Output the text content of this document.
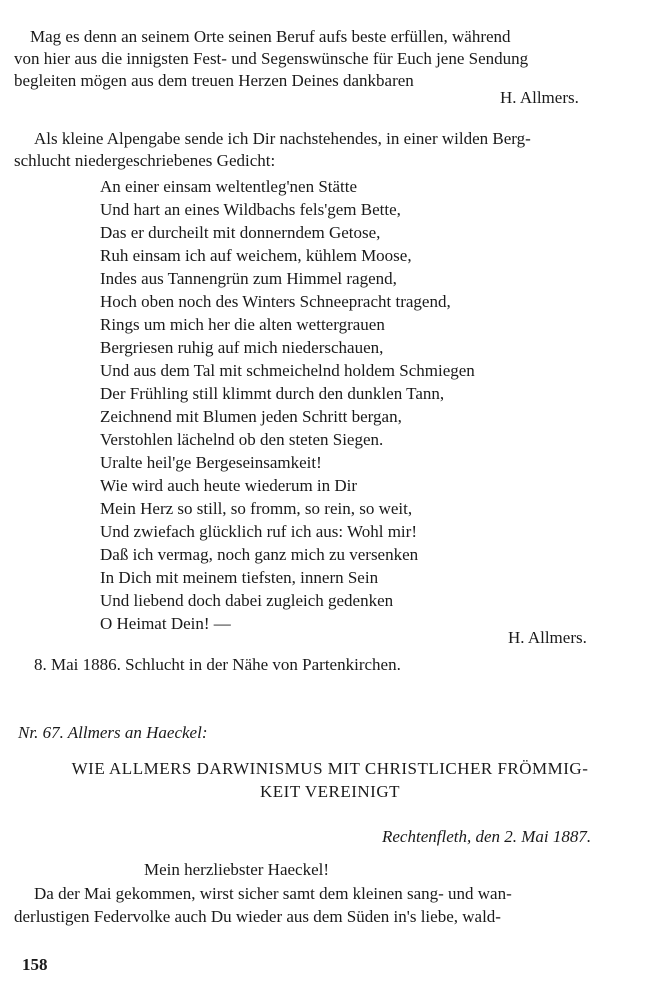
Mag es denn an seinem Orte seinen Beruf aufs beste erfüllen, während
von hier aus die innigsten Fest- und Segenswünsche für Euch jene Sendung
begleiten mögen aus dem treuen Herzen Deines dankbaren
H. Allmers.
Als kleine Alpengabe sende ich Dir nachstehendes, in einer wilden Berg-
schlucht niedergeschriebenes Gedicht:
An einer einsam weltentleg'nen Stätte
Und hart an eines Wildbachs fels'gem Bette,
Das er durcheilt mit donnerndem Getose,
Ruh einsam ich auf weichem, kühlem Moose,
Indes aus Tannengrün zum Himmel ragend,
Hoch oben noch des Winters Schneepracht tragend,
Rings um mich her die alten wettergrauen
Bergriesen ruhig auf mich niederschauen,
Und aus dem Tal mit schmeichelnd holdem Schmiegen
Der Frühling still klimmt durch den dunklen Tann,
Zeichnend mit Blumen jeden Schritt bergan,
Verstohlen lächelnd ob den steten Siegen.
Uralte heil'ge Bergeseinsamkeit!
Wie wird auch heute wiederum in Dir
Mein Herz so still, so fromm, so rein, so weit,
Und zwiefach glücklich ruf ich aus: Wohl mir!
Daß ich vermag, noch ganz mich zu versenken
In Dich mit meinem tiefsten, innern Sein
Und liebend doch dabei zugleich gedenken
O Heimat Dein! —
H. Allmers.
8. Mai 1886. Schlucht in der Nähe von Partenkirchen.
Nr. 67. Allmers an Haeckel:
WIE ALLMERS DARWINISMUS MIT CHRISTLICHER FRÖMMIG-
KEIT VEREINIGT
Rechtenfleth, den 2. Mai 1887.
Mein herzliebster Haeckel!
Da der Mai gekommen, wirst sicher samt dem kleinen sang- und wan-
derlustigen Federvolke auch Du wieder aus dem Süden in's liebe, wald-
158
